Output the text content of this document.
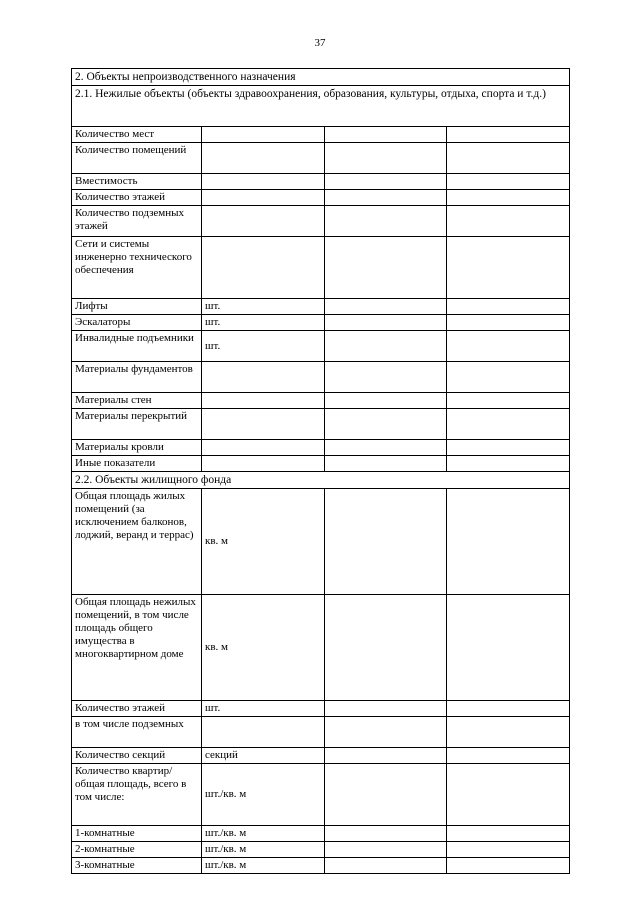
37
2. Объекты непроизводственного назначения			
2.1. Нежилые объекты (объекты здравоохранения, образования, культуры, отдыха, спорта и т.д.)			
Количество мест			
Количество помещений			
Вместимость			
Количество этажей			
Количество подземных этажей			
Сети и системы инженерно технического обеспечения			
Лифты	шт.		
Эскалаторы	шт.		
Инвалидные подъемники	шт.		
Материалы фундаментов			
Материалы стен			
Материалы перекрытий			
Материалы кровли			
Иные показатели			
2.2. Объекты жилищного фонда			
Общая площадь жилых помещений (за исключением балконов, лоджий, веранд и террас)	кв. м		
Общая площадь нежилых помещений, в том числе площадь общего имущества в многоквартирном доме	кв. м		
Количество этажей	шт.		
в том числе подземных			
Количество секций	секций		
Количество квартир/общая площадь, всего в том числе:	шт./кв. м		
1-комнатные	шт./кв. м		
2-комнатные	шт./кв. м		
3-комнатные	шт./кв. м		
